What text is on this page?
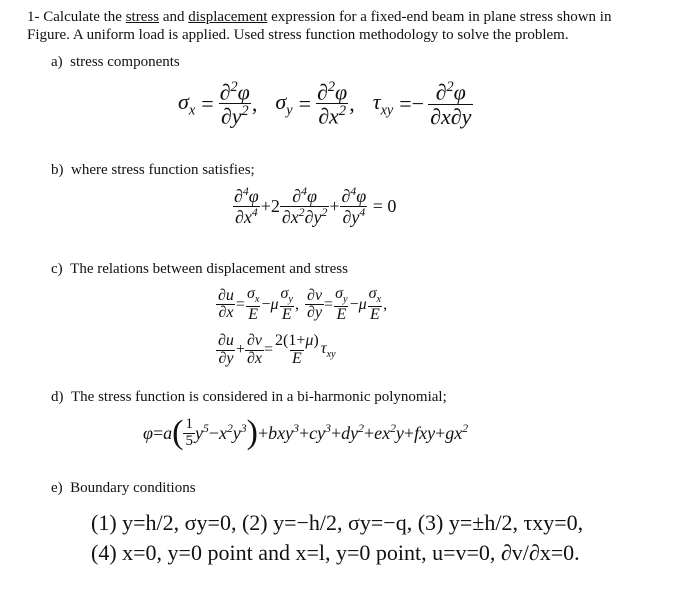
1- Calculate the stress and displacement expression for a fixed-end beam in plane stress shown in
Figure. A uniform load is applied. Used stress function methodology to solve the problem.
a) stress components
$\sigma_x = \frac{\partial^2\varphi}{\partial y^2}$ , $\sigma_y = \frac{\partial^2\varphi}{\partial x^2}$ , $\tau_{xy} =- \frac{\partial^2\varphi}{\partial x\partial y}$
b) where stress function satisfies;
$\frac{\partial^4\varphi}{\partial x^4} +2 \frac{\partial^4\varphi}{\partial x^2\partial y^2} + \frac{\partial^4\varphi}{\partial y^4} = 0$
c) The relations between displacement and stress
$\frac{\partial u}{\partial x} = \frac{\sigma_x}{E} - \mu \frac{\sigma_y}{E}$ , $\frac{\partial v}{\partial y} = \frac{\sigma_y}{E} - \mu \frac{\sigma_x}{E}$ ,
$\frac{\partial u}{\partial y} + \frac{\partial v}{\partial x} = \frac{2(1+\mu)}{E} \tau_{xy}$
d) The stress function is considered in a bi-harmonic polynomial;
φ = a ( $\frac{1}{5} y^5 - x^2y^3$ ) + $bxy^3 + cy^3 + dy^2 + ex^2y$ + fxy + $gx^2$
e) Boundary conditions
(1) y=h/2, σy=0, (2) y=−h/2, σy=−q, (3) y=±h/2, τxy=0,
(4) x=0, y=0 point and x=l, y=0 point, u=v=0, ∂v/∂x=0.
